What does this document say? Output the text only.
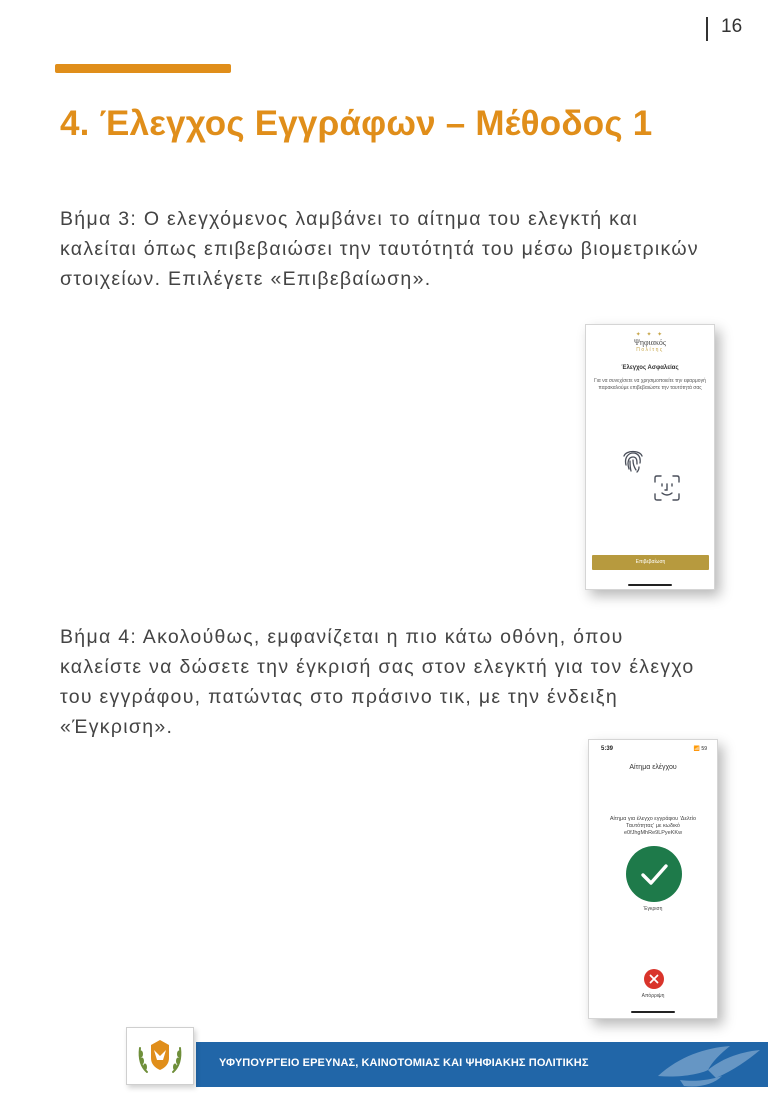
16
4. Έλεγχος Εγγράφων – Μέθοδος 1

Βήμα 3: Ο ελεγχόμενος λαμβάνει το αίτημα του ελεγκτή και καλείται όπως επιβεβαιώσει την ταυτότητά του μέσω βιομετρικών στοιχείων. Επιλέγετε «Επιβεβαίωση».

✦ ✦ ✦
Ψηφιακός
Πολίτης
Έλεγχος Ασφαλείας
Για να συνεχίσετε να χρησιμοποιείτε την εφαρμογή παρακαλούμε επιβεβαιώστε την ταυτότητά σας
Επιβεβαίωση

Βήμα 4: Ακολούθως, εμφανίζεται η πιο κάτω οθόνη, όπου καλείστε να δώσετε την έγκρισή σας στον ελεγκτή για τον έλεγχο του εγγράφου, πατώντας στο πράσινο τικ, με την ένδειξη «Έγκριση».

5:39	📶 59
Αίτημα ελέγχου
Αίτημα για έλεγχο εγγράφου 'Δελτίο Ταυτότητας' με κωδικό e0fJhgMhRe9LPyeKKw
Έγκριση
Απόρριψη
ΥΦΥΠΟΥΡΓΕΙΟ ΕΡΕΥΝΑΣ, ΚΑΙΝΟΤΟΜΙΑΣ ΚΑΙ ΨΗΦΙΑΚΗΣ ΠΟΛΙΤΙΚΗΣ
